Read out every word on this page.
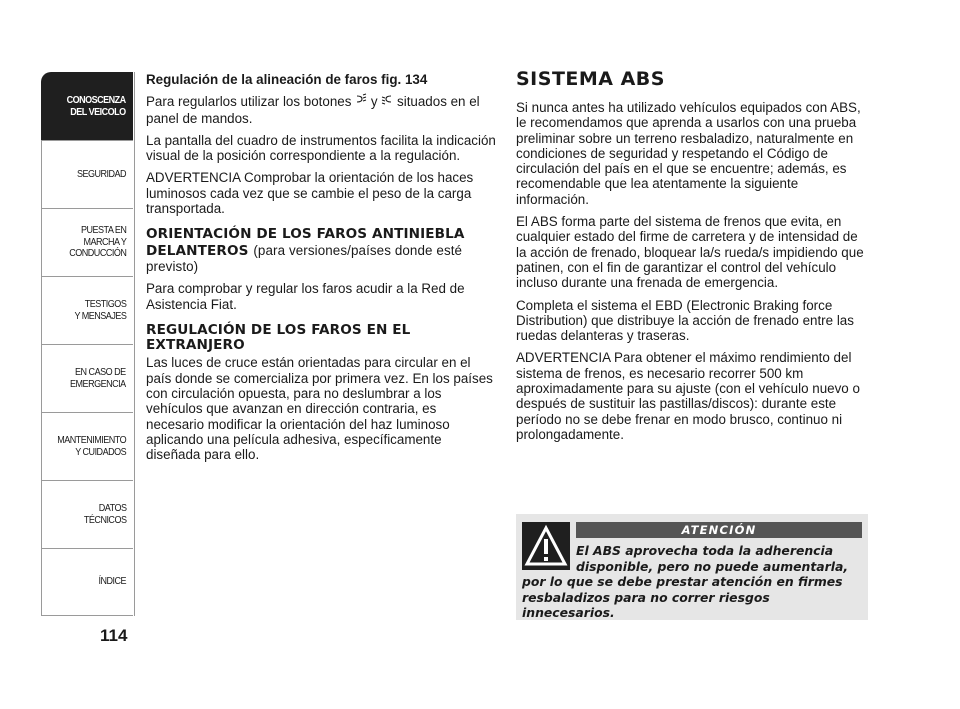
CONOSCENZA
DEL VEICOLO
SEGURIDAD
PUESTA EN
MARCHA Y
CONDUCCIÓN
TESTIGOS
Y MENSAJES
EN CASO DE
EMERGENCIA
MANTENIMIENTO
Y CUIDADOS
DATOS
TÉCNICOS
ÍNDICE
114

Regulación de la alineación de faros fig. 134

Para regularlos utilizar los botones  y  situados en el panel de mandos.

La pantalla del cuadro de instrumentos facilita la indicación visual de la posición correspondiente a la regulación.

ADVERTENCIA Comprobar la orientación de los haces luminosos cada vez que se cambie el peso de la carga transportada.

ORIENTACIÓN DE LOS FAROS ANTINIEBLA DELANTEROS (para versiones/países donde esté previsto)

Para comprobar y regular los faros acudir a la Red de Asistencia Fiat.

REGULACIÓN DE LOS FAROS EN EL EXTRANJERO

Las luces de cruce están orientadas para circular en el país donde se comercializa por primera vez. En los países con circulación opuesta, para no deslumbrar a los vehículos que avanzan en dirección contraria, es necesario modificar la orientación del haz luminoso aplicando una película adhesiva, específicamente diseñada para ello.

SISTEMA ABS

Si nunca antes ha utilizado vehículos equipados con ABS, le recomendamos que aprenda a usarlos con una prueba preliminar sobre un terreno resbaladizo, naturalmente en condiciones de seguridad y respetando el Código de circulación del país en el que se encuentre; además, es recomendable que lea atentamente la siguiente información.

El ABS forma parte del sistema de frenos que evita, en cualquier estado del firme de carretera y de intensidad de la acción de frenado, bloquear la/s rueda/s impidiendo que patinen, con el fin de garantizar el control del vehículo incluso durante una frenada de emergencia.

Completa el sistema el EBD (Electronic Braking force Distribution) que distribuye la acción de frenado entre las ruedas delanteras y traseras.

ADVERTENCIA Para obtener el máximo rendimiento del sistema de frenos, es necesario recorrer 500 km aproximadamente para su ajuste (con el vehículo nuevo o después de sustituir las pastillas/discos): durante este período no se debe frenar en modo brusco, continuo ni prolongadamente.

ATENCIÓN
El ABS aprovecha toda la adherencia
disponible, pero no puede aumentarla,
por lo que se debe prestar atención en firmes resbaladizos para no correr riesgos innecesarios.
